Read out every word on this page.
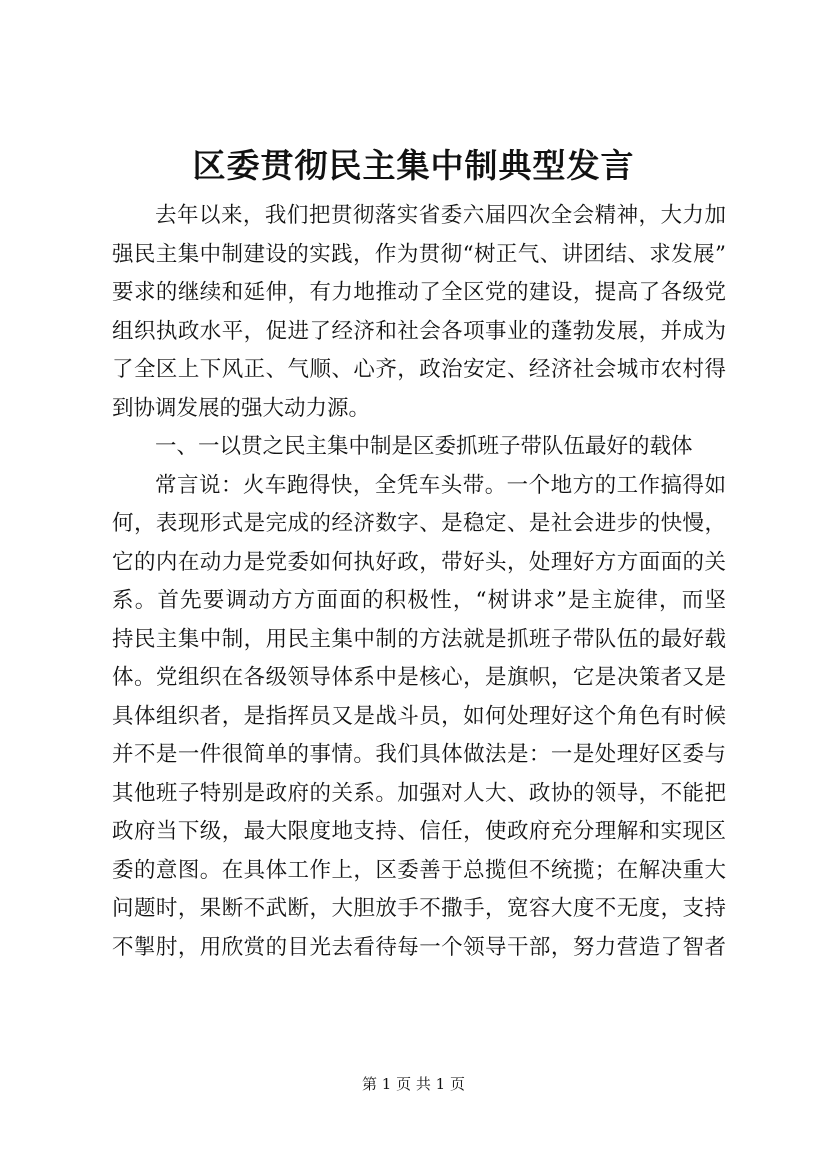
区委贯彻民主集中制典型发言
去年以来，我们把贯彻落实省委六届四次全会精神，大力加
强民主集中制建设的实践，作为贯彻“树正气、讲团结、求发展”
要求的继续和延伸，有力地推动了全区党的建设，提高了各级党
组织执政水平，促进了经济和社会各项事业的蓬勃发展，并成为
了全区上下风正、气顺、心齐，政治安定、经济社会城市农村得
到协调发展的强大动力源。
一、一以贯之民主集中制是区委抓班子带队伍最好的载体
常言说：火车跑得快，全凭车头带。一个地方的工作搞得如
何，表现形式是完成的经济数字、是稳定、是社会进步的快慢，
它的内在动力是党委如何执好政，带好头，处理好方方面面的关
系。首先要调动方方面面的积极性，“树讲求”是主旋律，而坚
持民主集中制，用民主集中制的方法就是抓班子带队伍的最好载
体。党组织在各级领导体系中是核心，是旗帜，它是决策者又是
具体组织者，是指挥员又是战斗员，如何处理好这个角色有时候
并不是一件很简单的事情。我们具体做法是：一是处理好区委与
其他班子特别是政府的关系。加强对人大、政协的领导，不能把
政府当下级，最大限度地支持、信任，使政府充分理解和实现区
委的意图。在具体工作上，区委善于总揽但不统揽；在解决重大
问题时，果断不武断，大胆放手不撒手，宽容大度不无度，支持
不掣肘，用欣赏的目光去看待每一个领导干部，努力营造了智者
第 1 页 共 1 页
